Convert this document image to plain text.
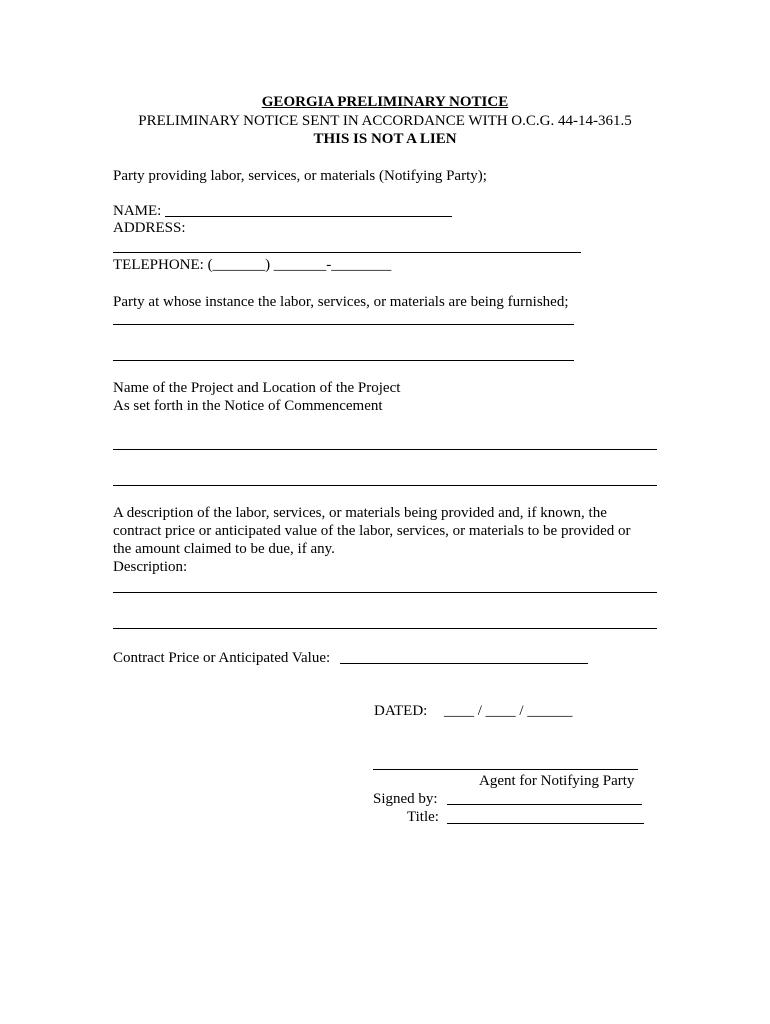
GEORGIA PRELIMINARY NOTICE
PRELIMINARY NOTICE SENT IN ACCORDANCE WITH O.C.G. 44-14-361.5
THIS IS NOT A LIEN
Party providing labor, services, or materials (Notifying Party);
NAME:
ADDRESS:
TELEPHONE: (_______) _______-________
Party at whose instance the labor, services, or materials are being furnished;
Name of the Project and Location of the Project
As set forth in the Notice of Commencement
A description of the labor, services, or materials being provided and, if known, the
contract price or anticipated value of the labor, services, or materials to be provided or
the amount claimed to be due, if any.
Description:
Contract Price or Anticipated Value:
DATED: ____ / ____ / ______
Agent for Notifying Party
Signed by:
Title:
